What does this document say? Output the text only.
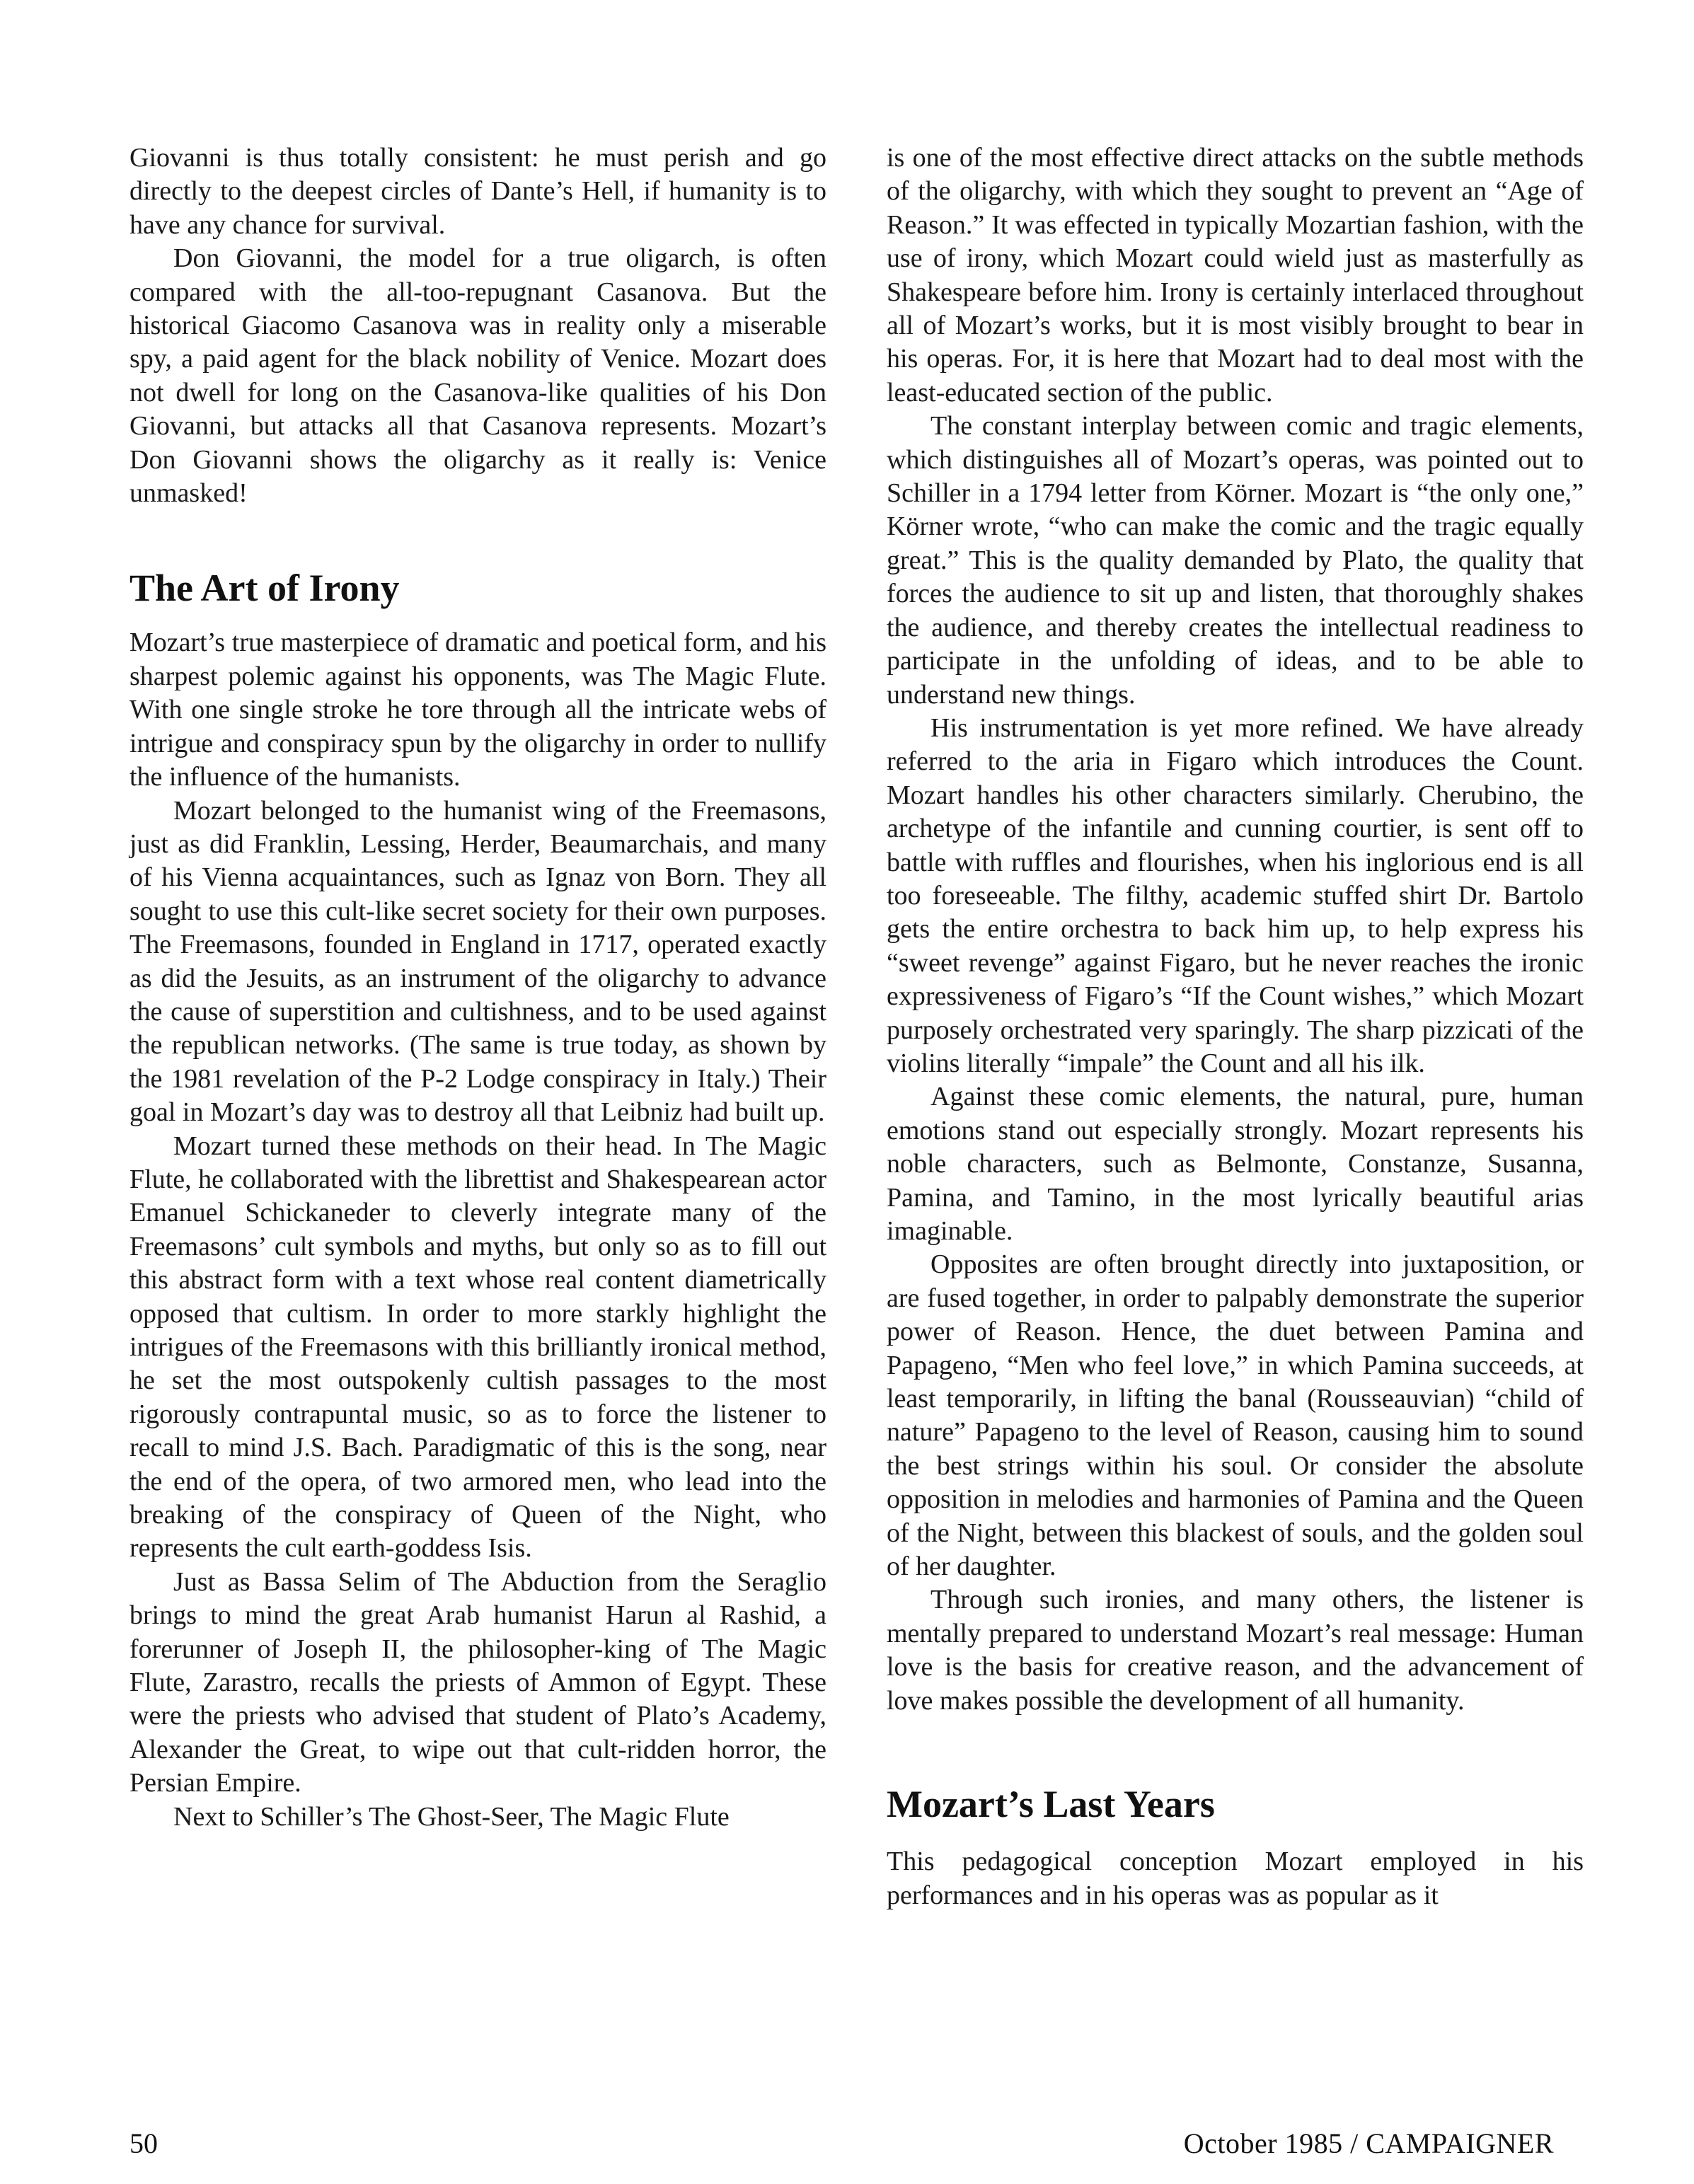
Giovanni is thus totally consistent: he must perish and go directly to the deepest circles of Dante’s Hell, if humanity is to have any chance for survival.

Don Giovanni, the model for a true oligarch, is often compared with the all-too-repugnant Casanova. But the historical Giacomo Casanova was in reality only a miserable spy, a paid agent for the black nobility of Venice. Mozart does not dwell for long on the Casanova-like qualities of his Don Giovanni, but attacks all that Casanova represents. Mozart’s Don Giovanni shows the oligarchy as it really is: Venice unmasked!

The Art of Irony

Mozart’s true masterpiece of dramatic and poetical form, and his sharpest polemic against his opponents, was The Magic Flute. With one single stroke he tore through all the intricate webs of intrigue and conspiracy spun by the oligarchy in order to nullify the influence of the humanists.

Mozart belonged to the humanist wing of the Freemasons, just as did Franklin, Lessing, Herder, Beaumarchais, and many of his Vienna acquaintances, such as Ignaz von Born. They all sought to use this cult-like secret society for their own purposes. The Freemasons, founded in England in 1717, operated exactly as did the Jesuits, as an instrument of the oligarchy to advance the cause of superstition and cultishness, and to be used against the republican networks. (The same is true today, as shown by the 1981 revelation of the P-2 Lodge conspiracy in Italy.) Their goal in Mozart’s day was to destroy all that Leibniz had built up.

Mozart turned these methods on their head. In The Magic Flute, he collaborated with the librettist and Shakespearean actor Emanuel Schickaneder to cleverly integrate many of the Freemasons’ cult symbols and myths, but only so as to fill out this abstract form with a text whose real content diametrically opposed that cultism. In order to more starkly highlight the intrigues of the Freemasons with this brilliantly ironical method, he set the most outspokenly cultish passages to the most rigorously contrapuntal music, so as to force the listener to recall to mind J.S. Bach. Paradigmatic of this is the song, near the end of the opera, of two armored men, who lead into the breaking of the conspiracy of Queen of the Night, who represents the cult earth-goddess Isis.

Just as Bassa Selim of The Abduction from the Seraglio brings to mind the great Arab humanist Harun al Rashid, a forerunner of Joseph II, the philosopher-king of The Magic Flute, Zarastro, recalls the priests of Ammon of Egypt. These were the priests who advised that student of Plato’s Academy, Alexander the Great, to wipe out that cult-ridden horror, the Persian Empire.

Next to Schiller’s The Ghost-Seer, The Magic Flute

is one of the most effective direct attacks on the subtle methods of the oligarchy, with which they sought to prevent an “Age of Reason.” It was effected in typically Mozartian fashion, with the use of irony, which Mozart could wield just as masterfully as Shakespeare before him. Irony is certainly interlaced throughout all of Mozart’s works, but it is most visibly brought to bear in his operas. For, it is here that Mozart had to deal most with the least-educated section of the public.

The constant interplay between comic and tragic elements, which distinguishes all of Mozart’s operas, was pointed out to Schiller in a 1794 letter from Körner. Mozart is “the only one,” Körner wrote, “who can make the comic and the tragic equally great.” This is the quality demanded by Plato, the quality that forces the audience to sit up and listen, that thoroughly shakes the audience, and thereby creates the intellectual readiness to participate in the unfolding of ideas, and to be able to understand new things.

His instrumentation is yet more refined. We have already referred to the aria in Figaro which introduces the Count. Mozart handles his other characters similarly. Cherubino, the archetype of the infantile and cunning courtier, is sent off to battle with ruffles and flourishes, when his inglorious end is all too foreseeable. The filthy, academic stuffed shirt Dr. Bartolo gets the entire orchestra to back him up, to help express his “sweet revenge” against Figaro, but he never reaches the ironic expressiveness of Figaro’s “If the Count wishes,” which Mozart purposely orchestrated very sparingly. The sharp pizzicati of the violins literally “impale” the Count and all his ilk.

Against these comic elements, the natural, pure, human emotions stand out especially strongly. Mozart represents his noble characters, such as Belmonte, Constanze, Susanna, Pamina, and Tamino, in the most lyrically beautiful arias imaginable.

Opposites are often brought directly into juxtaposition, or are fused together, in order to palpably demonstrate the superior power of Reason. Hence, the duet between Pamina and Papageno, “Men who feel love,” in which Pamina succeeds, at least temporarily, in lifting the banal (Rousseauvian) “child of nature” Papageno to the level of Reason, causing him to sound the best strings within his soul. Or consider the absolute opposition in melodies and harmonies of Pamina and the Queen of the Night, between this blackest of souls, and the golden soul of her daughter.

Through such ironies, and many others, the listener is mentally prepared to understand Mozart’s real message: Human love is the basis for creative reason, and the advancement of love makes possible the development of all humanity.

Mozart’s Last Years

This pedagogical conception Mozart employed in his performances and in his operas was as popular as it

50	October 1985 / CAMPAIGNER
